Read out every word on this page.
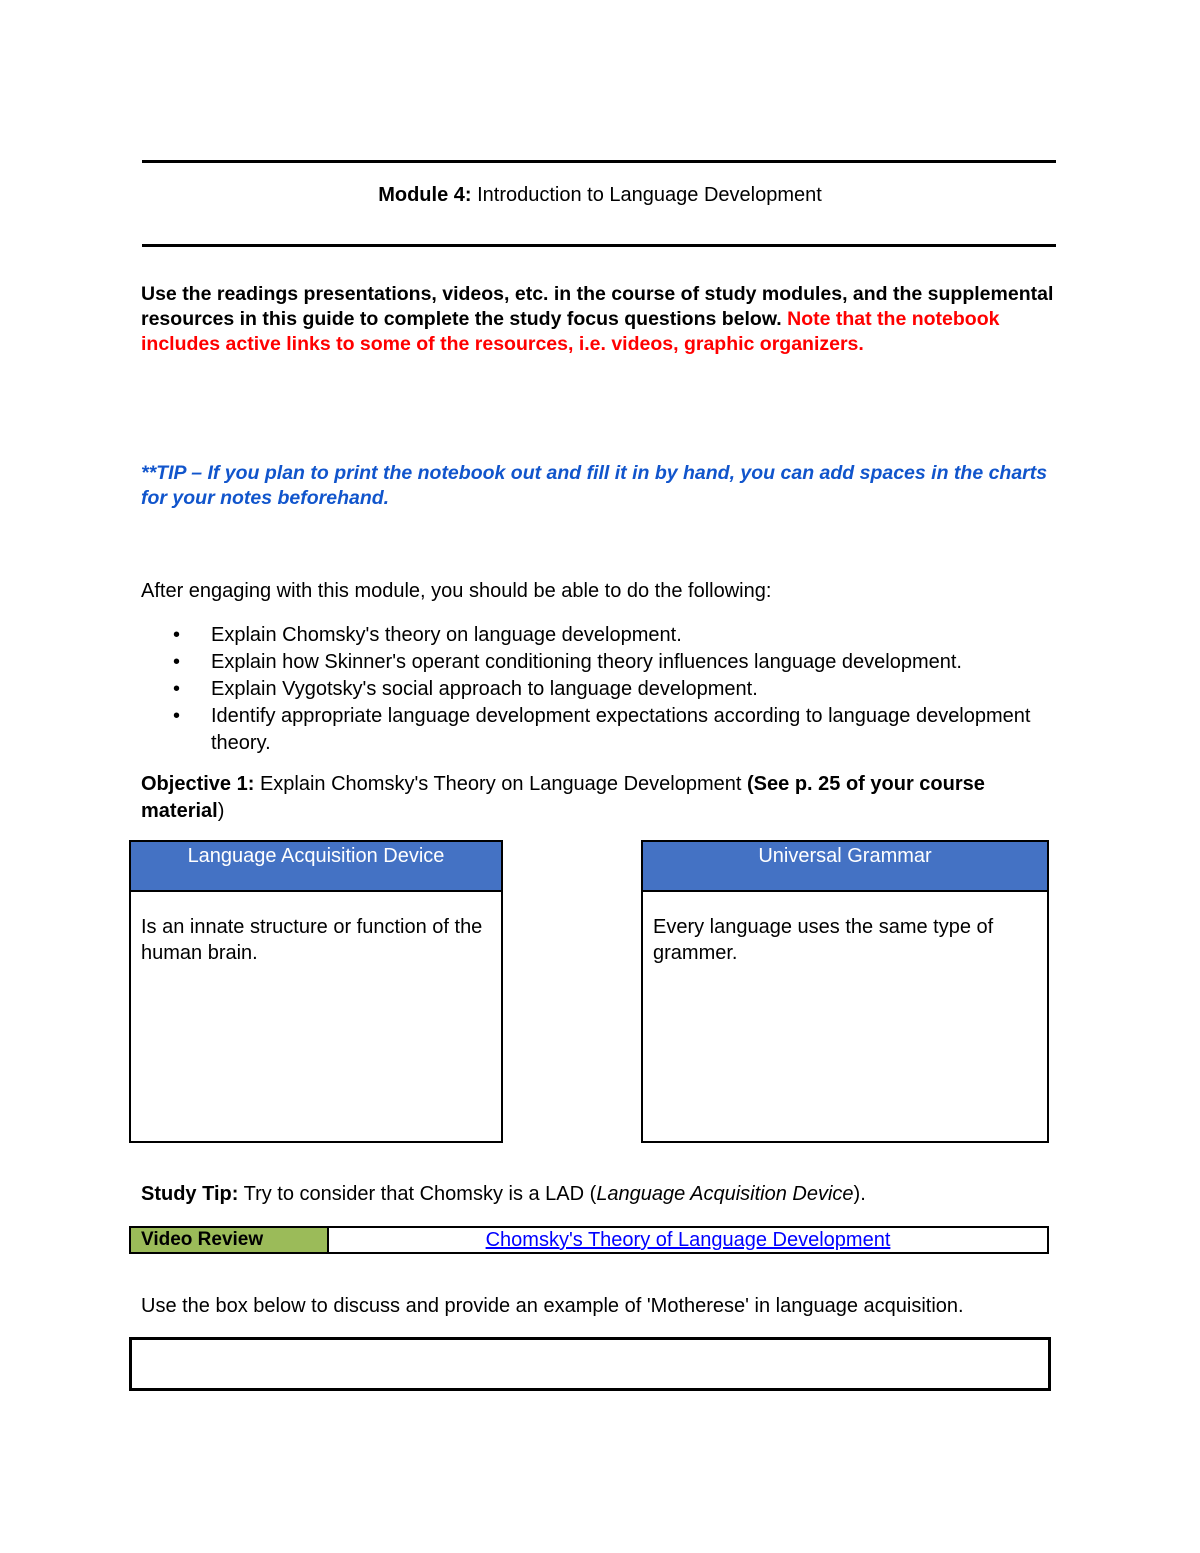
Module 4: Introduction to Language Development
Use the readings presentations, videos, etc. in the course of study modules, and the supplemental resources in this guide to complete the study focus questions below. Note that the notebook includes active links to some of the resources, i.e. videos, graphic organizers.
**TIP – If you plan to print the notebook out and fill it in by hand, you can add spaces in the charts for your notes beforehand.
After engaging with this module, you should be able to do the following:
• Explain Chomsky's theory on language development.
• Explain how Skinner's operant conditioning theory influences language development.
• Explain Vygotsky's social approach to language development.
• Identify appropriate language development expectations according to language development theory.
Objective 1: Explain Chomsky's Theory on Language Development (See p. 25 of your course material)
Language Acquisition Device
Is an innate structure or function of the human brain.
Universal Grammar
Every language uses the same type of grammer.
Study Tip: Try to consider that Chomsky is a LAD (Language Acquisition Device).
Video Review	Chomsky's Theory of Language Development
Use the box below to discuss and provide an example of 'Motherese' in language acquisition.
